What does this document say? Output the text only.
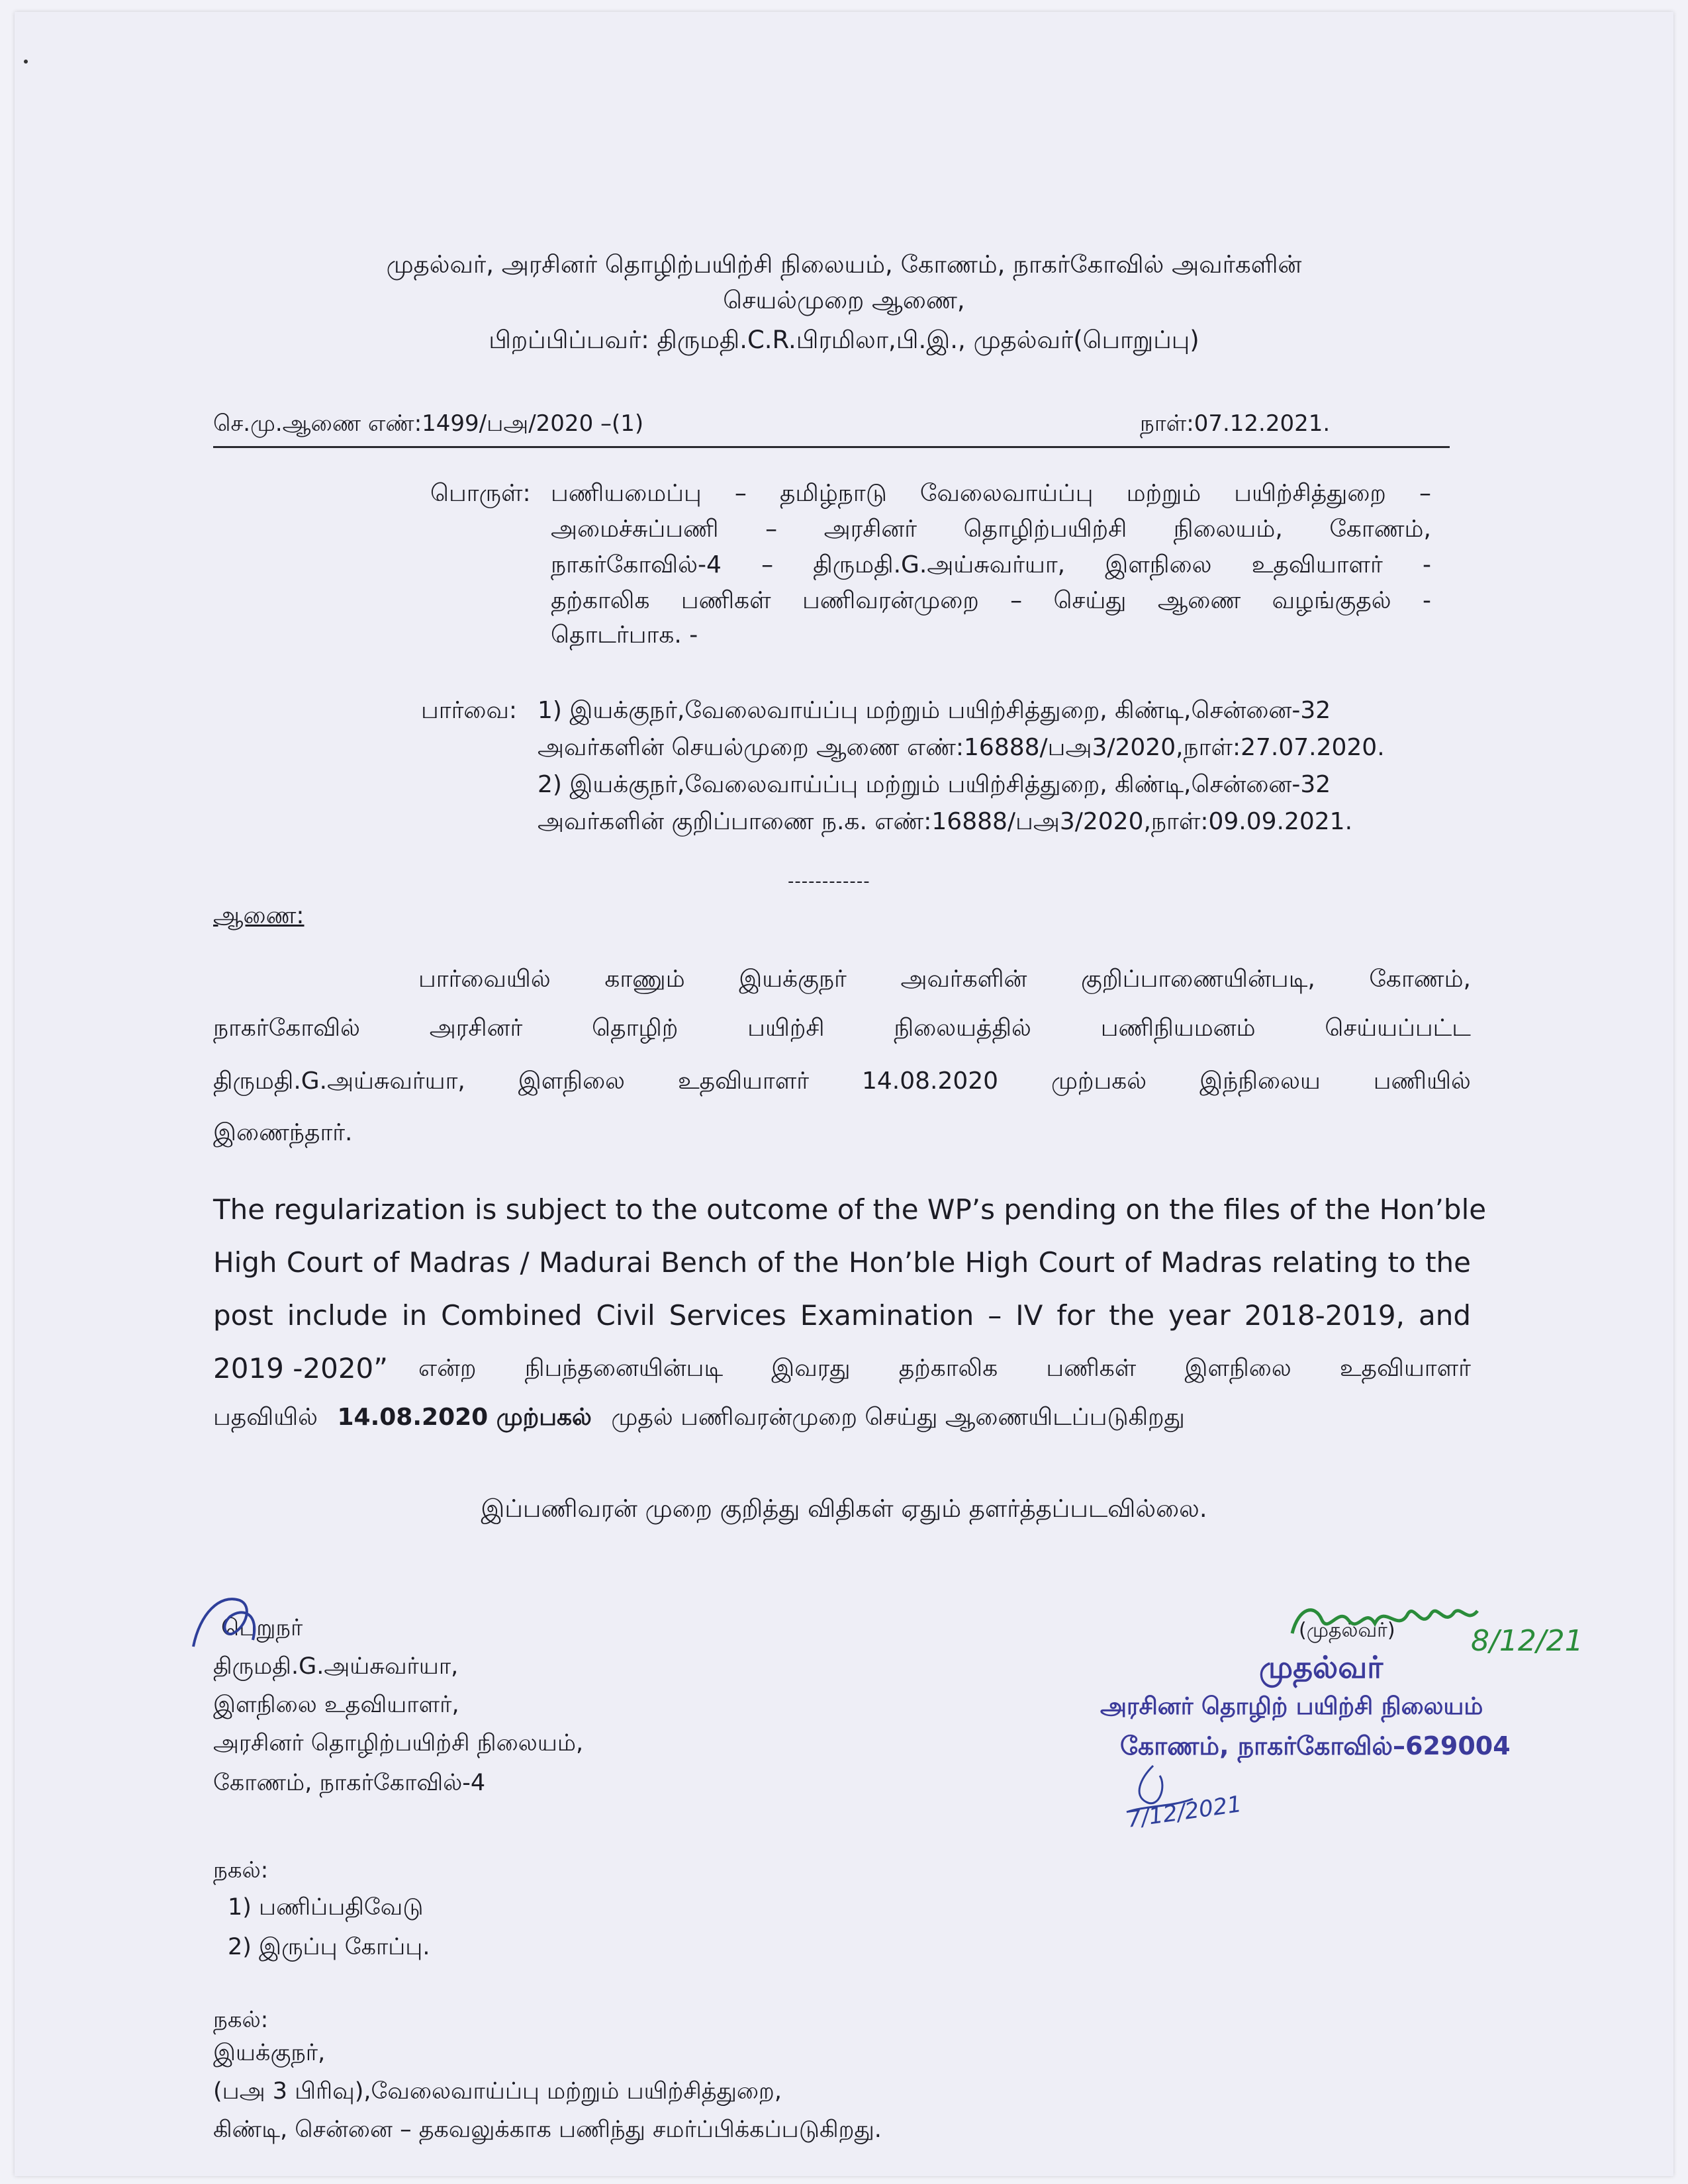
முதல்வர், அரசினர் தொழிற்பயிற்சி நிலையம், கோணம், நாகர்கோவில் அவர்களின்
செயல்முறை ஆணை,
பிறப்பிப்பவர்: திருமதி.C.R.பிரமிலா,பி.இ., முதல்வர்(பொறுப்பு)
செ.மு.ஆணை எண்:1499/பஅ/2020 –(1)	நாள்:07.12.2021.
பொருள்: பணியமைப்பு – தமிழ்நாடு வேலைவாய்ப்பு மற்றும் பயிற்சித்துறை –
அமைச்சுப்பணி – அரசினர் தொழிற்பயிற்சி நிலையம், கோணம்,
நாகர்கோவில்-4 – திருமதி.G.அய்சுவர்யா, இளநிலை உதவியாளர் -
தற்காலிக பணிகள் பணிவரன்முறை – செய்து ஆணை வழங்குதல் -
தொடர்பாக. -
பார்வை: 1) இயக்குநர்,வேலைவாய்ப்பு மற்றும் பயிற்சித்துறை, கிண்டி,சென்னை-32
அவர்களின் செயல்முறை ஆணை எண்:16888/பஅ3/2020,நாள்:27.07.2020.
2) இயக்குநர்,வேலைவாய்ப்பு மற்றும் பயிற்சித்துறை, கிண்டி,சென்னை-32
அவர்களின் குறிப்பாணை ந.க. எண்:16888/பஅ3/2020,நாள்:09.09.2021.
------------
ஆணை:
பார்வையில் காணும் இயக்குநர் அவர்களின் குறிப்பாணையின்படி, கோணம்,
நாகர்கோவில்	அரசினர்	தொழிற்	பயிற்சி	நிலையத்தில்	பணிநியமனம்	செய்யப்பட்ட
திருமதி.G.அய்சுவர்யா, இளநிலை உதவியாளர் 14.08.2020 முற்பகல் இந்நிலைய பணியில்
இணைந்தார்.
The regularization is subject to the outcome of the WP’s pending on the files of the Hon’ble
High Court of Madras / Madurai Bench of the Hon’ble High Court of Madras relating to the
post include in Combined Civil Services Examination – IV for the year 2018-2019, and
2019 -2020” என்ற நிபந்தனையின்படி இவரது தற்காலிக பணிகள் இளநிலை உதவியாளர்
பதவியில் 14.08.2020 முற்பகல் முதல் பணிவரன்முறை செய்து ஆணையிடப்படுகிறது
இப்பணிவரன் முறை குறித்து விதிகள் ஏதும் தளர்த்தப்படவில்லை.
பெறுநர்
திருமதி.G.அய்சுவர்யா,
இளநிலை உதவியாளர்,
அரசினர் தொழிற்பயிற்சி நிலையம்,
கோணம், நாகர்கோவில்-4
(முதல்வர்)	8/12/21
முதல்வர்
அரசினர் தொழிற் பயிற்சி நிலையம்
கோணம், நாகர்கோவில்–629004
7/12/2021
நகல்:
1) பணிப்பதிவேடு
2) இருப்பு கோப்பு.
நகல்:
இயக்குநர்,
(பஅ 3 பிரிவு),வேலைவாய்ப்பு மற்றும் பயிற்சித்துறை,
கிண்டி, சென்னை – தகவலுக்காக பணிந்து சமர்ப்பிக்கப்படுகிறது.
